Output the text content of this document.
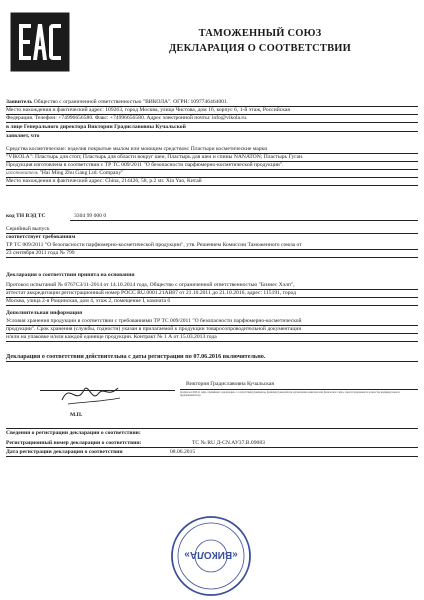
ТАМОЖЕННЫЙ СОЮЗ
ДЕКЛАРАЦИЯ О СООТВЕТСТВИИ
Заявитель Общество с ограниченной ответственностью "ВИКОЛА". ОГРН: 1097746464001.
Место нахождения и фактический адрес: 109263, город Москва, улица Чистова, дом 16, корпус 6, 1-й этаж, Российская
Федерация. Телефон: +74996656580. Факс: +74996656580. Адрес электронной почты: info@vikola.ru.
в лице Генерального директора Виктории Градиславовны Кучальской
заявляет, что
Средства косметические: изделия покрытые мылом или моющим средством: Пластыри косметические марки
"VIKOLA": Пластырь для стоп; Пластырь для области вокруг шеи, Пластырь для шеи и спины NANATON; Пластырь Гуган.
Продукция изготовлена в соответствии с ТР ТС 009/2011 "О безопасности парфюмерно-косметической продукции".
изготовитель "Hai Ming Zhu Gang Ltd. Company"
Место нахождения и фактический адрес: China, 214426, 58, р.2 str. Xin Yao, Китай
код ТН ВЭД ТС	3304 99 000 0
Серийный выпуск
соответствует требованиям
ТР ТС 009/2011 "О безопасности парфюмерно-косметической продукции", утв. Решением Комиссии Таможенного союза от
23 сентября 2011 года № 799
Декларация о соответствии принята на основании
Протокол испытаний № 6767СЗ/11-2014 от 14.10.2014 года, Общество с ограниченной ответственностью "Бизнес Хэлп",
аттестат аккредитации регистрационный номер РОСС RU.0001.21АВ87 от 21.10.2011 до 21.10.2016, адрес: 115191, город
Москва, улица 2-я Рощинская, дом 4, этаж 2, помещение I, комната 6
Дополнительная информация
Условия хранения продукции в соответствии с требованиями ТР ТС 009/2011 "О безопасности парфюмерно-косметической
продукции". Срок хранения (службы, годности) указан в прилагаемой к продукции товаросопроводительной документации
и/или на упаковке и/или каждой единице продукции. Контракт № 1 А от 15.03.2013 года
Декларация о соответствии действительна с даты регистрации по 07.06.2016 включительно.
Виктория Градиславовна Кучальская
(подпись и Ф.И.О. лица, принявшего декларацию о соответствии) (инициалы, фамилия руководителя организации-заявителя или физического лица, зарегистрированного в качестве индивидуального предпринимателя)
М.П.
Сведения о регистрации декларации о соответствии:
Регистрационный номер декларации о соответствии:	ТС № RU Д-CN.АУ37.В.09083
Дата регистрации декларации о соответствии	08.06.2015
«ВИКОЛА»
